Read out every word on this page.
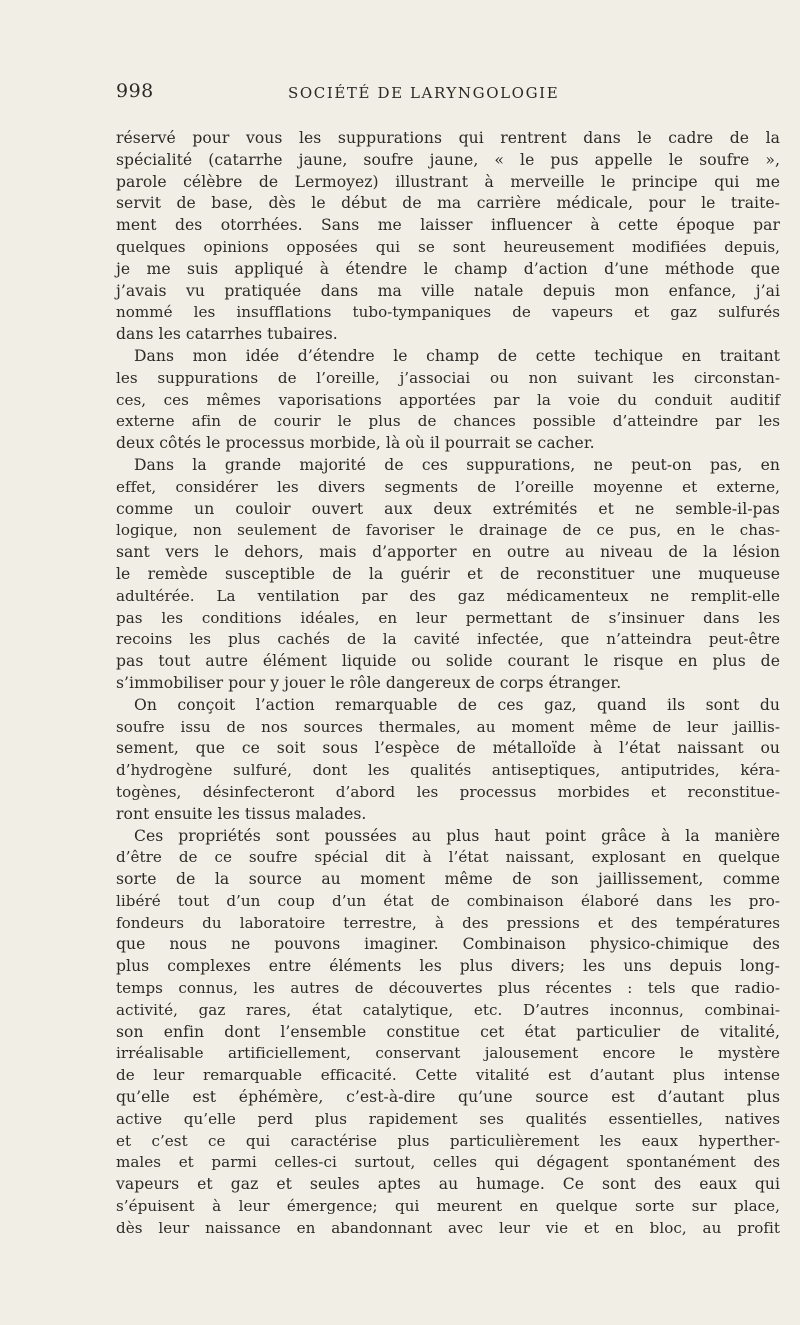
998	SOCIÉTÉ DE LARYNGOLOGIE
réservé pour vous les suppurations qui rentrent dans le cadre de la
spécialité (catarrhe jaune, soufre jaune, « le pus appelle le soufre »,
parole célèbre de Lermoyez) illustrant à merveille le principe qui me
servit de base, dès le début de ma carrière médicale, pour le traite-
ment des otorrhées. Sans me laisser influencer à cette époque par
quelques opinions opposées qui se sont heureusement modifiées depuis,
je me suis appliqué à étendre le champ d’action d’une méthode que
j’avais vu pratiquée dans ma ville natale depuis mon enfance, j’ai
nommé les insufflations tubo-tympaniques de vapeurs et gaz sulfurés
dans les catarrhes tubaires.
Dans mon idée d’étendre le champ de cette techique en traitant
les suppurations de l’oreille, j’associai ou non suivant les circonstan-
ces, ces mêmes vaporisations apportées par la voie du conduit auditif
externe afin de courir le plus de chances possible d’atteindre par les
deux côtés le processus morbide, là où il pourrait se cacher.
Dans la grande majorité de ces suppurations, ne peut-on pas, en
effet, considérer les divers segments de l’oreille moyenne et externe,
comme un couloir ouvert aux deux extrémités et ne semble-il-pas
logique, non seulement de favoriser le drainage de ce pus, en le chas-
sant vers le dehors, mais d’apporter en outre au niveau de la lésion
le remède susceptible de la guérir et de reconstituer une muqueuse
adultérée. La ventilation par des gaz médicamenteux ne remplit-elle
pas les conditions idéales, en leur permettant de s’insinuer dans les
recoins les plus cachés de la cavité infectée, que n’atteindra peut-être
pas tout autre élément liquide ou solide courant le risque en plus de
s’immobiliser pour y jouer le rôle dangereux de corps étranger.
On conçoit l’action remarquable de ces gaz, quand ils sont du
soufre issu de nos sources thermales, au moment même de leur jaillis-
sement, que ce soit sous l’espèce de métalloïde à l’état naissant ou
d’hydrogène sulfuré, dont les qualités antiseptiques, antiputrides, kéra-
togènes, désinfecteront d’abord les processus morbides et reconstitue-
ront ensuite les tissus malades.
Ces propriétés sont poussées au plus haut point grâce à la manière
d’être de ce soufre spécial dit à l’état naissant, explosant en quelque
sorte de la source au moment même de son jaillissement, comme
libéré tout d’un coup d’un état de combinaison élaboré dans les pro-
fondeurs du laboratoire terrestre, à des pressions et des températures
que nous ne pouvons imaginer. Combinaison physico-chimique des
plus complexes entre éléments les plus divers; les uns depuis long-
temps connus, les autres de découvertes plus récentes : tels que radio-
activité, gaz rares, état catalytique, etc. D’autres inconnus, combinai-
son enfin dont l’ensemble constitue cet état particulier de vitalité,
irréalisable artificiellement, conservant jalousement encore le mystère
de leur remarquable efficacité. Cette vitalité est d’autant plus intense
qu’elle est éphémère, c’est-à-dire qu’une source est d’autant plus
active qu’elle perd plus rapidement ses qualités essentielles, natives
et c’est ce qui caractérise plus particulièrement les eaux hyperther-
males et parmi celles-ci surtout, celles qui dégagent spontanément des
vapeurs et gaz et seules aptes au humage. Ce sont des eaux qui
s’épuisent à leur émergence; qui meurent en quelque sorte sur place,
dès leur naissance en abandonnant avec leur vie et en bloc, au profit
